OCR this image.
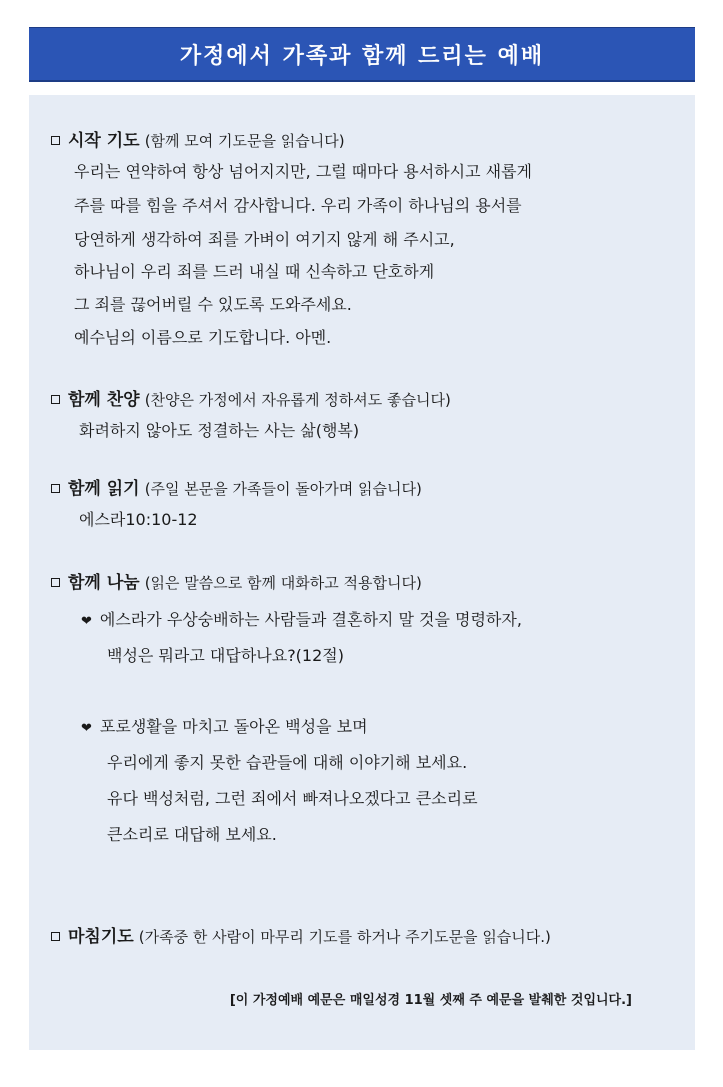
가정에서 가족과 함께 드리는 예배
시작 기도 (함께 모여 기도문을 읽습니다)
우리는 연약하여 항상 넘어지지만, 그럴 때마다 용서하시고 새롭게
주를 따를 힘을 주셔서 감사합니다. 우리 가족이 하나님의 용서를
당연하게 생각하여 죄를 가벼이 여기지 않게 해 주시고,
하나님이 우리 죄를 드러 내실 때 신속하고 단호하게
그 죄를 끊어버릴 수 있도록 도와주세요.
예수님의 이름으로 기도합니다. 아멘.
함께 찬양 (찬양은 가정에서 자유롭게 정하셔도 좋습니다)
화려하지 않아도 정결하는 사는 삶(행복)
함께 읽기 (주일 본문을 가족들이 돌아가며 읽습니다)
에스라10:10-12
함께 나눔 (읽은 말씀으로 함께 대화하고 적용합니다)
❤ 에스라가 우상숭배하는 사람들과 결혼하지 말 것을 명령하자,
백성은 뭐라고 대답하나요?(12절)
❤ 포로생활을 마치고 돌아온 백성을 보며
우리에게 좋지 못한 습관들에 대해 이야기해 보세요.
유다 백성처럼, 그런 죄에서 빠져나오겠다고 큰소리로
큰소리로 대답해 보세요.
마침기도 (가족중 한 사람이 마무리 기도를 하거나 주기도문을 읽습니다.)
[이 가정예배 예문은 매일성경 11월 셋째 주 예문을 발췌한 것입니다.]
